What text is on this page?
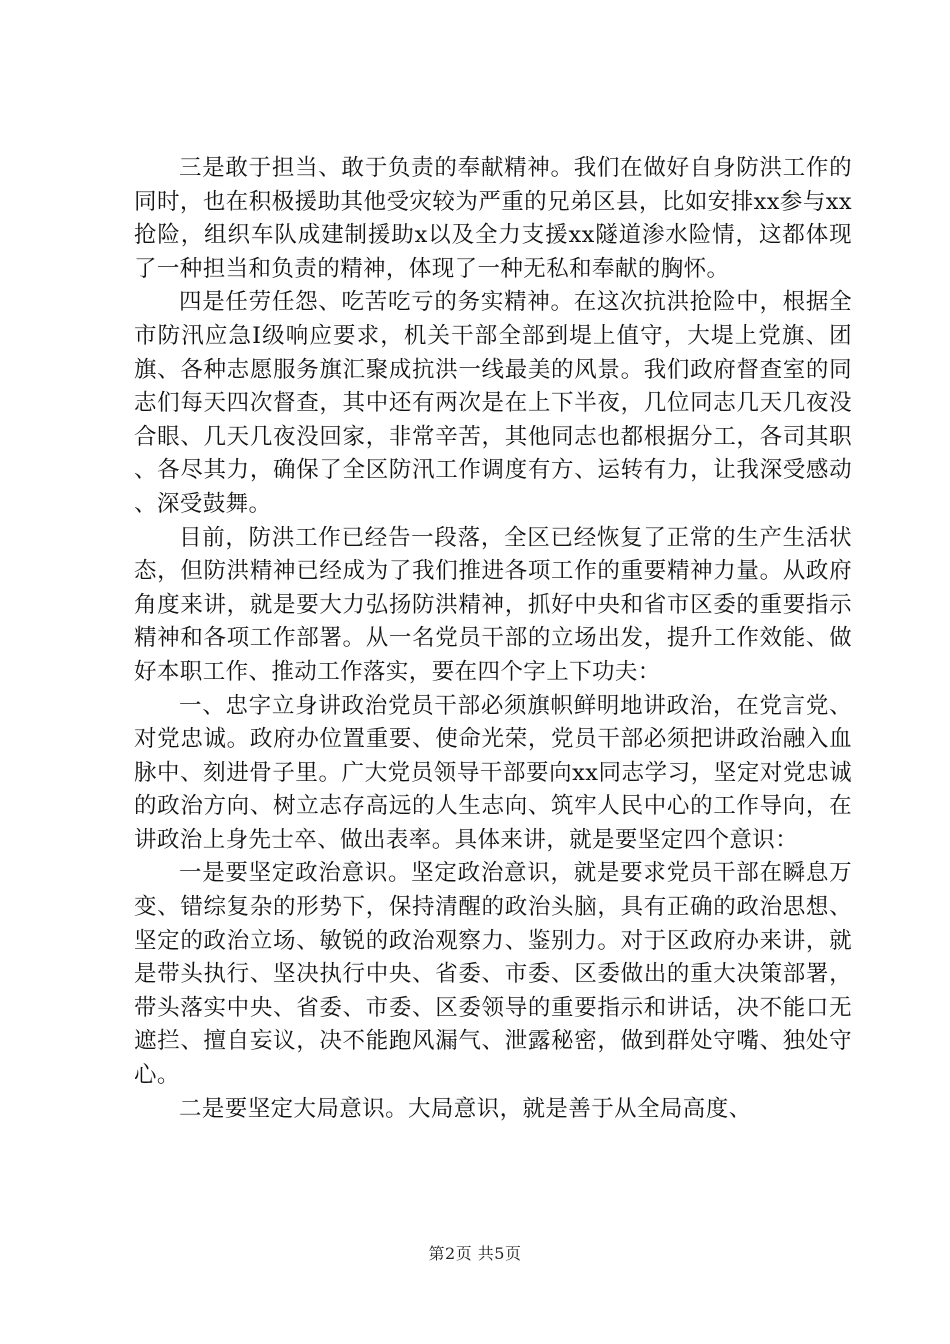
三是敢于担当、敢于负责的奉献精神。我们在做好自身防洪工作的同时，也在积极援助其他受灾较为严重的兄弟区县，比如安排xx参与xx抢险，组织车队成建制援助x以及全力支援xx隧道渗水险情，这都体现了一种担当和负责的精神，体现了一种无私和奉献的胸怀。

四是任劳任怨、吃苦吃亏的务实精神。在这次抗洪抢险中，根据全市防汛应急Ⅰ级响应要求，机关干部全部到堤上值守，大堤上党旗、团旗、各种志愿服务旗汇聚成抗洪一线最美的风景。我们政府督查室的同志们每天四次督查，其中还有两次是在上下半夜，几位同志几天几夜没合眼、几天几夜没回家，非常辛苦，其他同志也都根据分工，各司其职、各尽其力，确保了全区防汛工作调度有方、运转有力，让我深受感动、深受鼓舞。

目前，防洪工作已经告一段落，全区已经恢复了正常的生产生活状态，但防洪精神已经成为了我们推进各项工作的重要精神力量。从政府角度来讲，就是要大力弘扬防洪精神，抓好中央和省市区委的重要指示精神和各项工作部署。从一名党员干部的立场出发，提升工作效能、做好本职工作、推动工作落实，要在四个字上下功夫：

一、忠字立身讲政治党员干部必须旗帜鲜明地讲政治，在党言党、对党忠诚。政府办位置重要、使命光荣，党员干部必须把讲政治融入血脉中、刻进骨子里。广大党员领导干部要向xx同志学习，坚定对党忠诚的政治方向、树立志存高远的人生志向、筑牢人民中心的工作导向，在讲政治上身先士卒、做出表率。具体来讲，就是要坚定四个意识：

一是要坚定政治意识。坚定政治意识，就是要求党员干部在瞬息万变、错综复杂的形势下，保持清醒的政治头脑，具有正确的政治思想、坚定的政治立场、敏锐的政治观察力、鉴别力。对于区政府办来讲，就是带头执行、坚决执行中央、省委、市委、区委做出的重大决策部署，带头落实中央、省委、市委、区委领导的重要指示和讲话，决不能口无遮拦、擅自妄议，决不能跑风漏气、泄露秘密，做到群处守嘴、独处守心。

二是要坚定大局意识。大局意识，就是善于从全局高度、

第2页 共5页
